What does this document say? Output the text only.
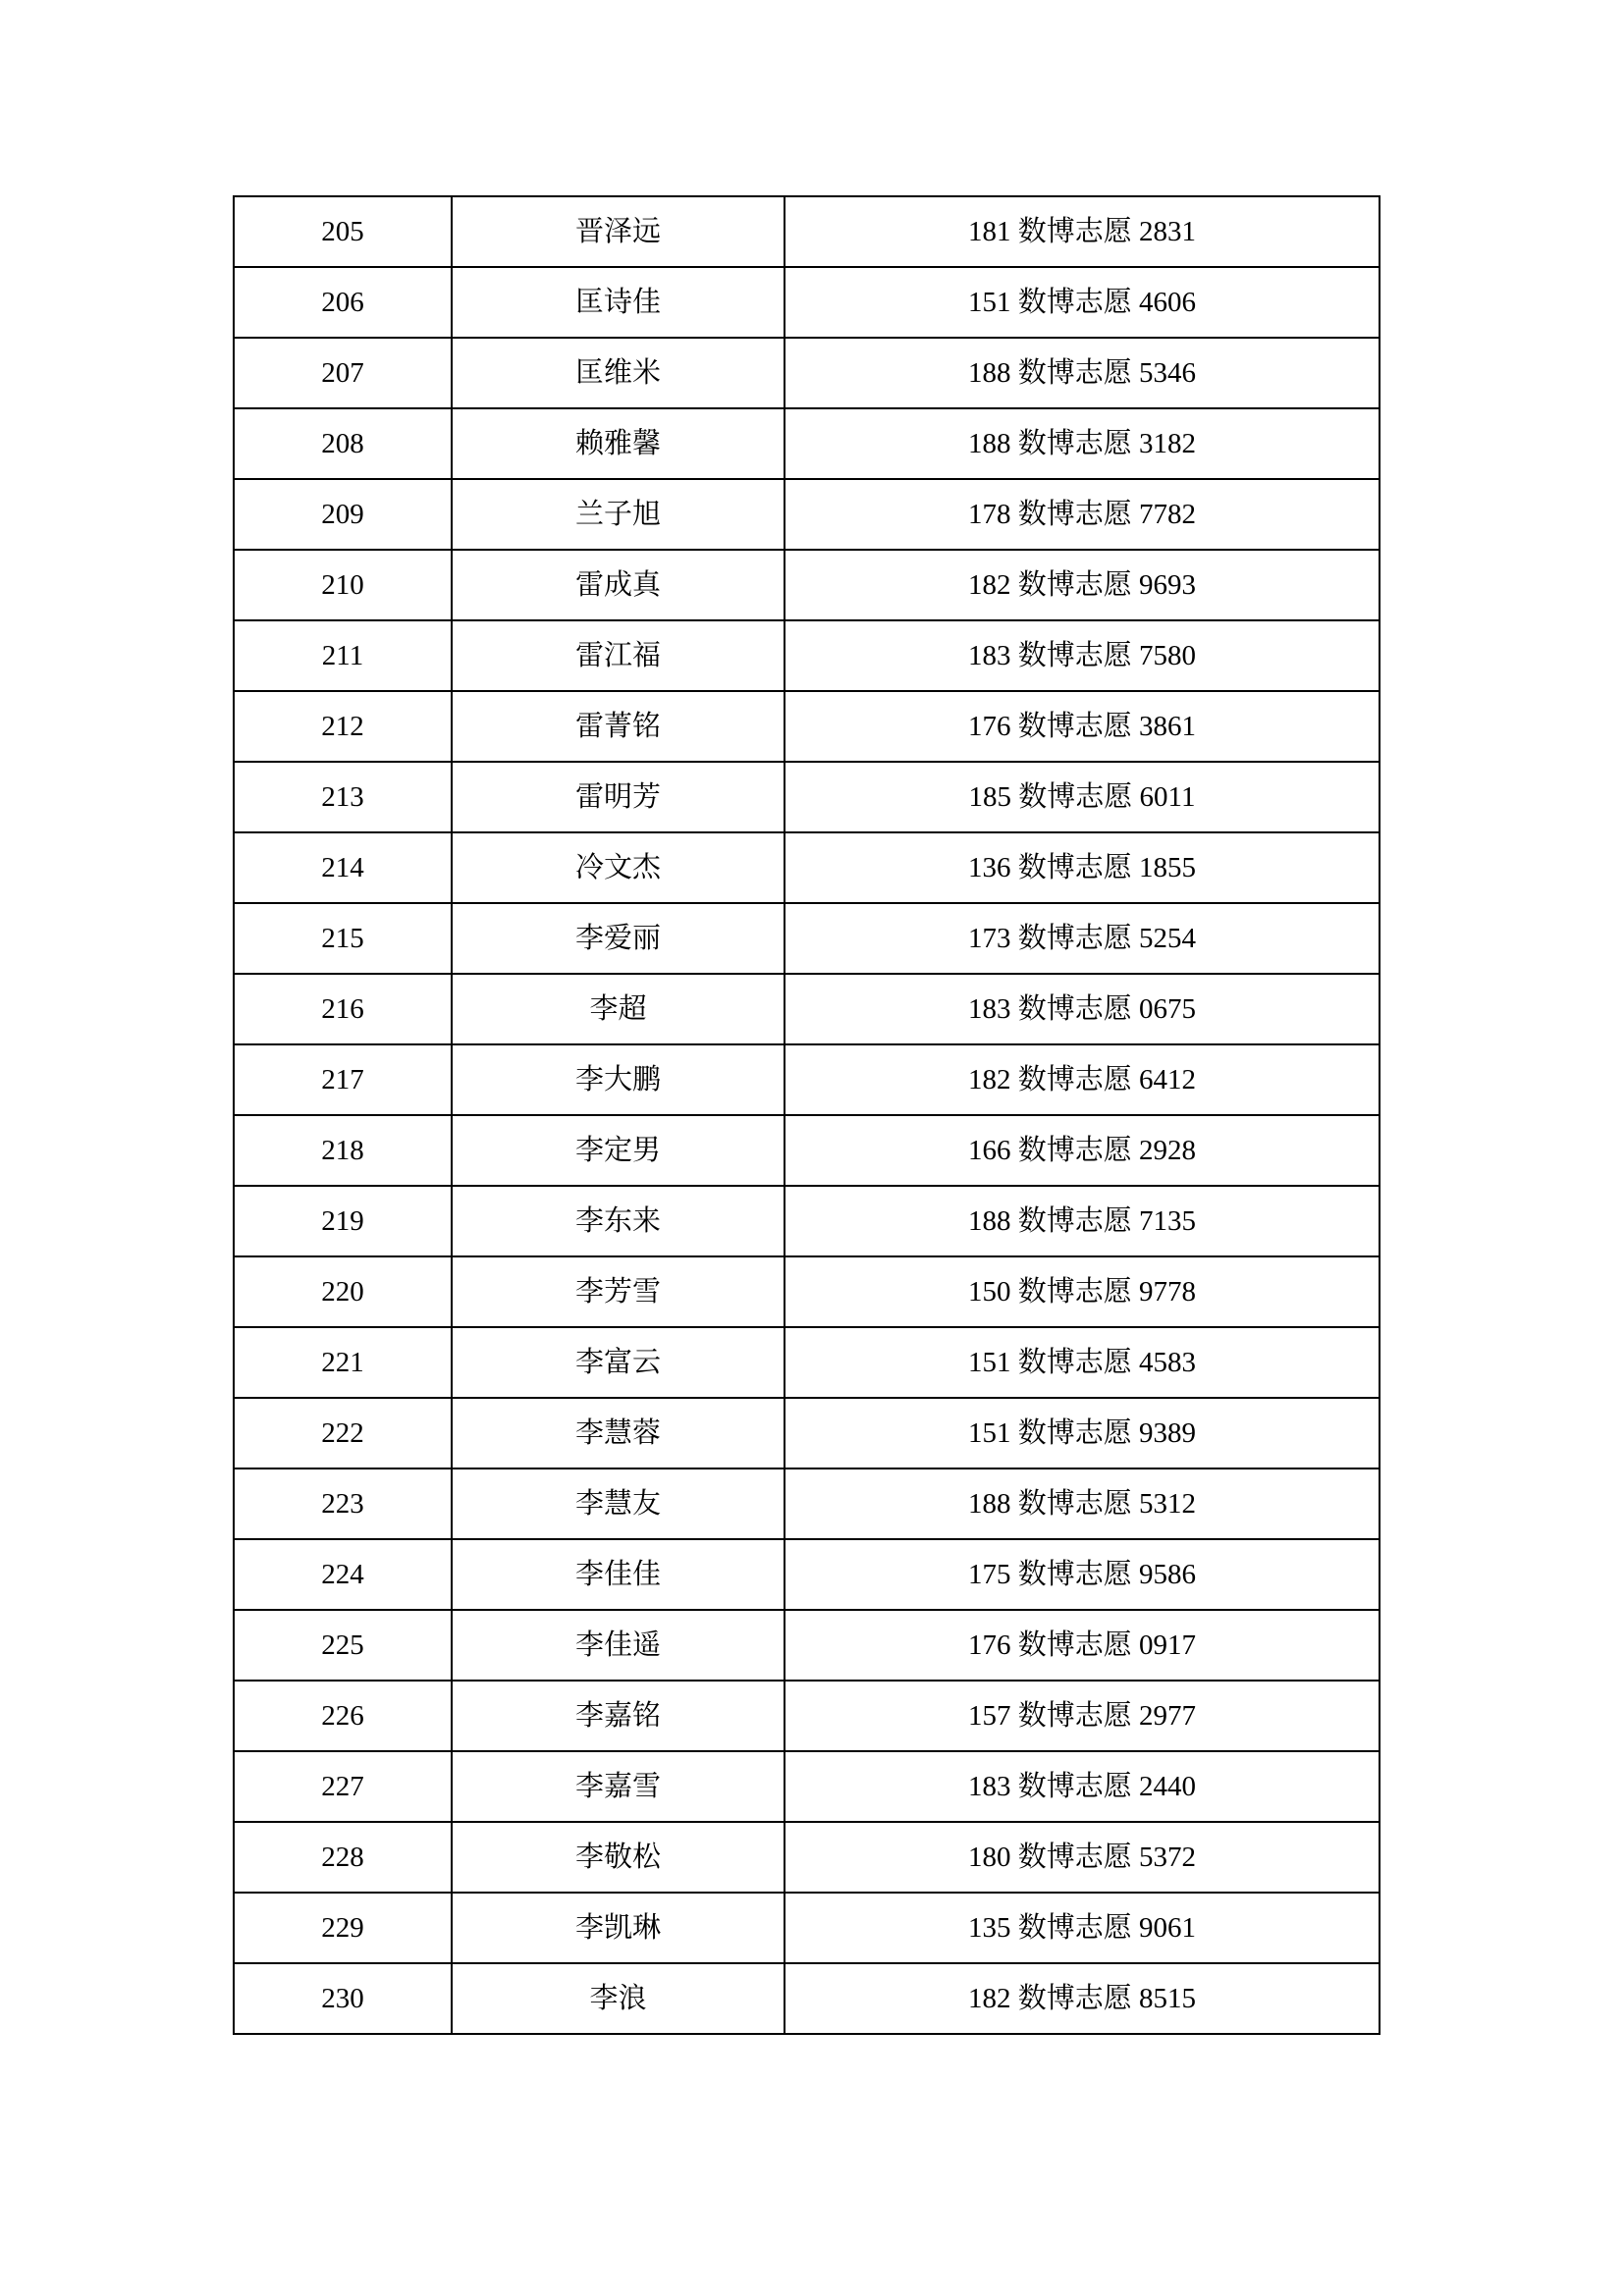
205	晋泽远	181 数博志愿 2831
206	匡诗佳	151 数博志愿 4606
207	匡维米	188 数博志愿 5346
208	赖雅馨	188 数博志愿 3182
209	兰子旭	178 数博志愿 7782
210	雷成真	182 数博志愿 9693
211	雷江福	183 数博志愿 7580
212	雷菁铭	176 数博志愿 3861
213	雷明芳	185 数博志愿 6011
214	冷文杰	136 数博志愿 1855
215	李爱丽	173 数博志愿 5254
216	李超	183 数博志愿 0675
217	李大鹏	182 数博志愿 6412
218	李定男	166 数博志愿 2928
219	李东来	188 数博志愿 7135
220	李芳雪	150 数博志愿 9778
221	李富云	151 数博志愿 4583
222	李慧蓉	151 数博志愿 9389
223	李慧友	188 数博志愿 5312
224	李佳佳	175 数博志愿 9586
225	李佳遥	176 数博志愿 0917
226	李嘉铭	157 数博志愿 2977
227	李嘉雪	183 数博志愿 2440
228	李敬松	180 数博志愿 5372
229	李凯琳	135 数博志愿 9061
230	李浪	182 数博志愿 8515
